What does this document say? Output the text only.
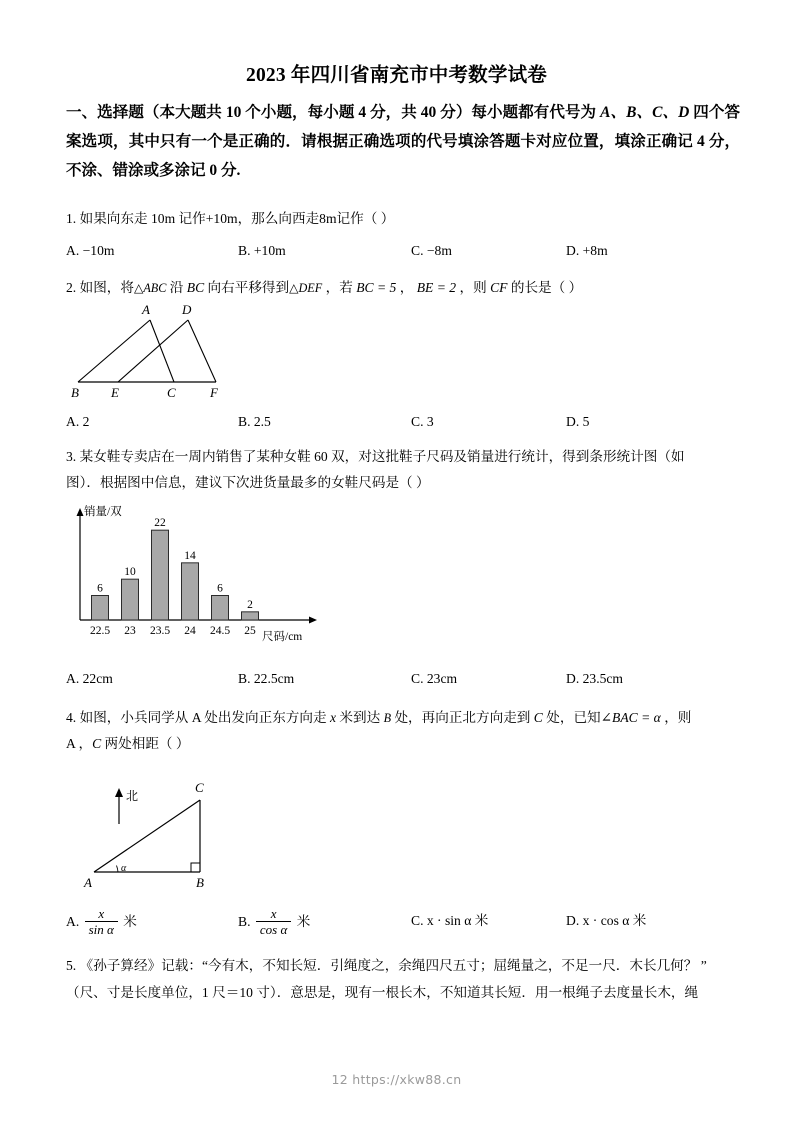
2023 年四川省南充市中考数学试卷
一、选择题（本大题共 10 个小题，每小题 4 分，共 40 分）每小题都有代号为 A、B、C、D 四个答案选项，其中只有一个是正确的．请根据正确选项的代号填涂答题卡对应位置，填涂正确记 4 分，不涂、错涂或多涂记 0 分.
1. 如果向东走 10m 记作+10m，那么向西走8m记作（ ）
A. −10m	B. +10m	C. −8m	D. +8m
2. 如图，将△ABC 沿 BC 向右平移得到△DEF ，若 BC = 5 ， BE = 2 ，则 CF 的长是（ ）
A D
B E	C	F
A. 2	B. 2.5	C. 3	D. 5
3. 某女鞋专卖店在一周内销售了某种女鞋 60 双，对这批鞋子尺码及销量进行统计，得到条形统计图（如
图）．根据图中信息，建议下次进货量最多的女鞋尺码是（ ）
销量/双
尺码/cm
6
22.5
10
23
22
23.5
14
24
6
24.5
2
25
A. 22cm	B. 22.5cm	C. 23cm	D. 23.5cm
4. 如图，小兵同学从 A 处出发向正东方向走 x 米到达 B 处，再向正北方向走到 C 处，已知∠BAC = α ，则
A ，C 两处相距（ ）
A	B
C
α
北
A. $\frac{x}{\text{sin α}}$ 米	B. $\frac{x}{\text{cos α}}$ 米	C. x · sin α 米	D. x · cos α 米
5. 《孙子算经》记载：“今有木，不知长短．引绳度之，余绳四尺五寸；屈绳量之，不足一尺．木长几何？ ”
（尺、寸是长度单位，1 尺＝10 寸）．意思是，现有一根长木，不知道其长短．用一根绳子去度量长木，绳
12 https://xkw88.cn
